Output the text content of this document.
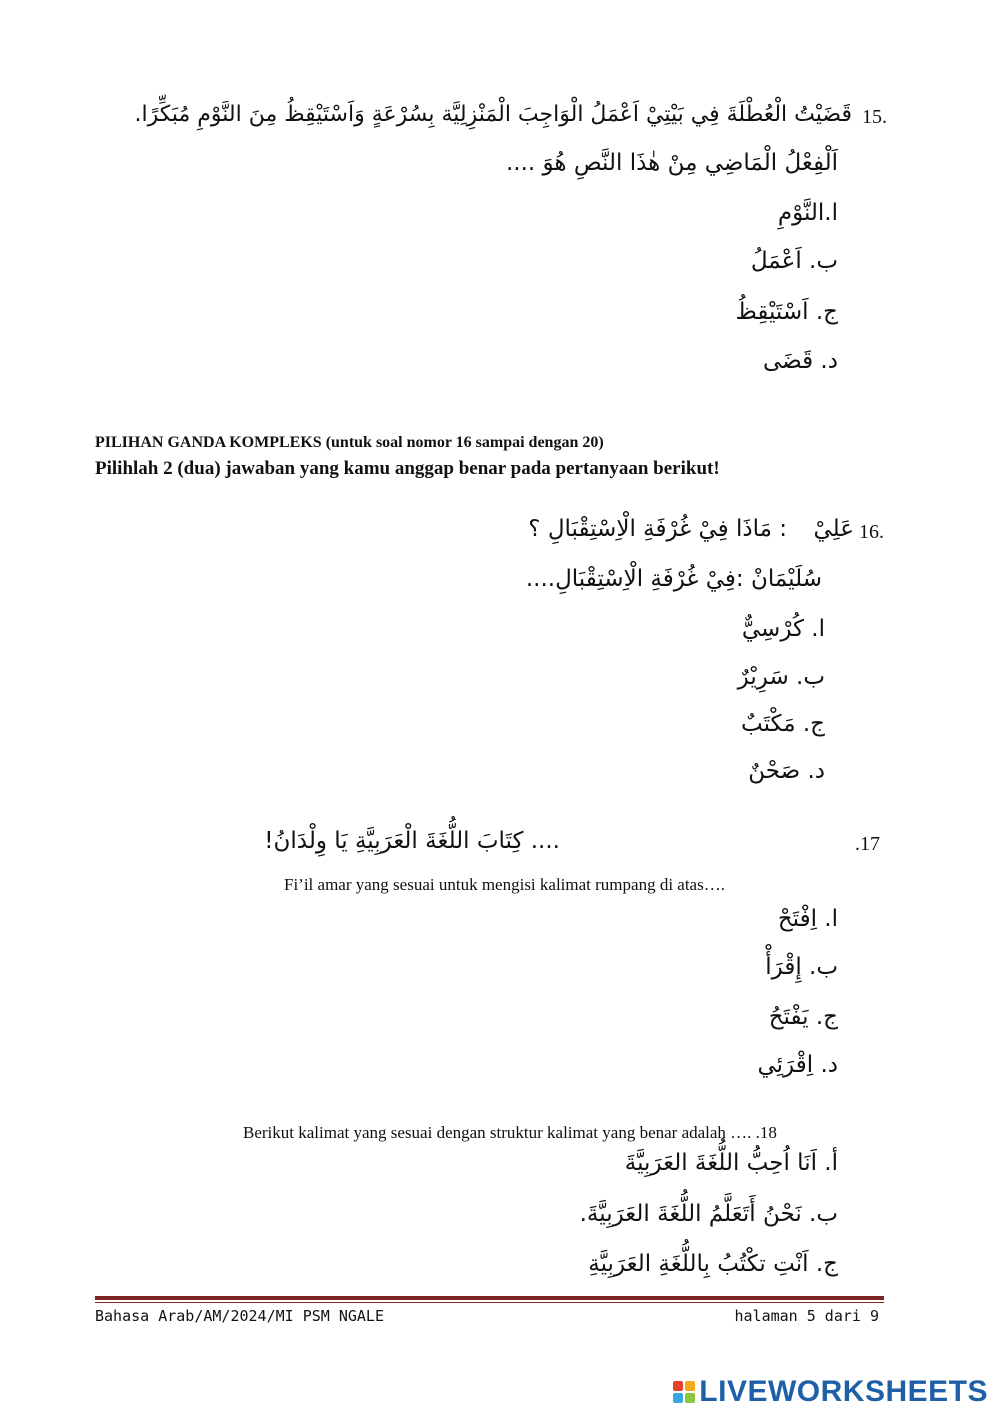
15.
قَضَيْتُ الْعُطْلَةَ فِي بَيْتِيْ اَعْمَلُ الْوَاجِبَ الْمَنْزِلِيَّة بِسُرْعَةٍ وَاَسْتَيْقِظُ مِنَ النَّوْمِ مُبَكِّرًا.
اَلْفِعْلُ الْمَاضِي مِنْ هٰذَا النَّصِ هُوَ ....
ا.النَّوْمِ
ب. اَعْمَلُ
ج. اَسْتَيْقِظُ
د. قَضَى
PILIHAN GANDA KOMPLEKS (untuk soal nomor 16 sampai dengan 20)
Pilihlah 2 (dua) jawaban yang kamu anggap benar pada pertanyaan berikut!
16.
عَلِيْ
: مَاذَا فِيْ غُرْفَةِ الْاِسْتِقْبَالِ ؟
سُلَيْمَانْ :فِيْ غُرْفَةِ الْاِسْتِقْبَالِ....
ا. كُرْسِيٌّ
ب. سَرِيْرٌ
ج. مَكْتَبٌ
د. صَحْنٌ
.17
.... كِتَابَ اللُّغَةَ الْعَرَبِيَّةِ يَا وِلْدَانُ!
Fi’il amar yang sesuai untuk mengisi kalimat rumpang di atas….
ا. اِفْتَحْ
ب. إِقْرَأْ
ج. يَفْتَحُ
د. اِقْرَئِي
Berikut kalimat yang sesuai dengan struktur kalimat yang benar adalah …. .18
أ. اَنَا اُحِبُّ اللُّغَةَ العَرَبِيَّةَ
ب. نَحْنُ أَتَعَلَّمُ اللُّغَةَ العَرَبِيَّةَ.
ج. اَنْتِ تكْتُبُ بِاللُّغَةِ العَرَبِيَّةِ
Bahasa Arab/AM/2024/MI PSM NGALE	halaman 5 dari 9
LIVEWORKSHEETS
